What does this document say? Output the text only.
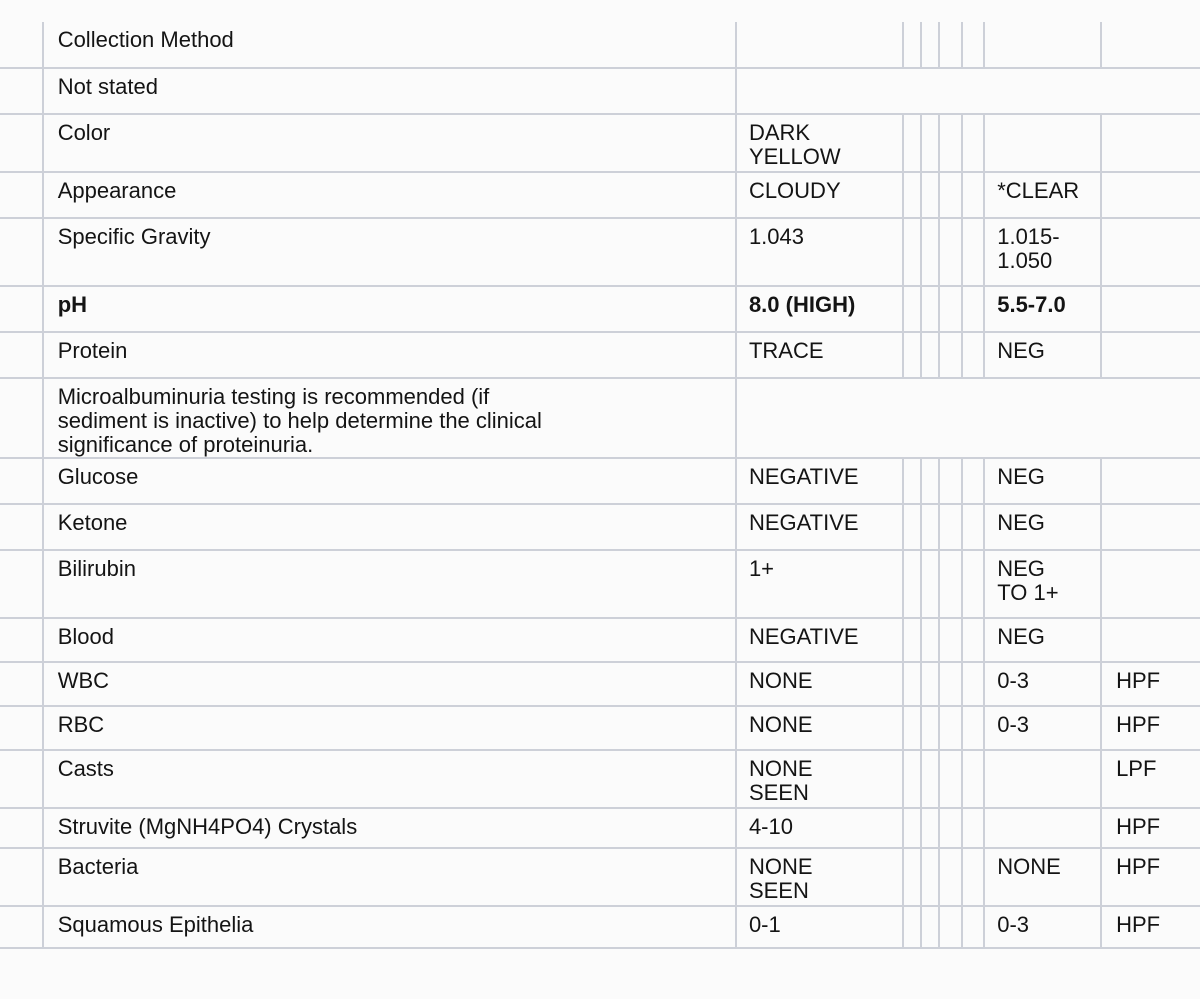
	Collection Method							
	Not stated							
	Color	DARK
YELLOW						

	Appearance	CLOUDY					*CLEAR	

	Specific Gravity	1.043					1.015-
1.050	

	pH	8.0 (HIGH)					5.5-7.0	

	Protein	TRACE					NEG	

	Microalbuminuria testing is recommended (if
sediment is inactive) to help determine the clinical
significance of proteinuria.							

	Glucose	NEGATIVE					NEG	

	Ketone	NEGATIVE					NEG	

	Bilirubin	1+					NEG
TO 1+	

	Blood	NEGATIVE					NEG	

	WBC	NONE					0-3	HPF
	RBC	NONE					0-3	HPF
	Casts	NONE
SEEN						LPF
	Struvite (MgNH4PO4) Crystals	4-10						HPF
	Bacteria	NONE
SEEN					NONE	HPF
	Squamous Epithelia	0-1					0-3	HPF
